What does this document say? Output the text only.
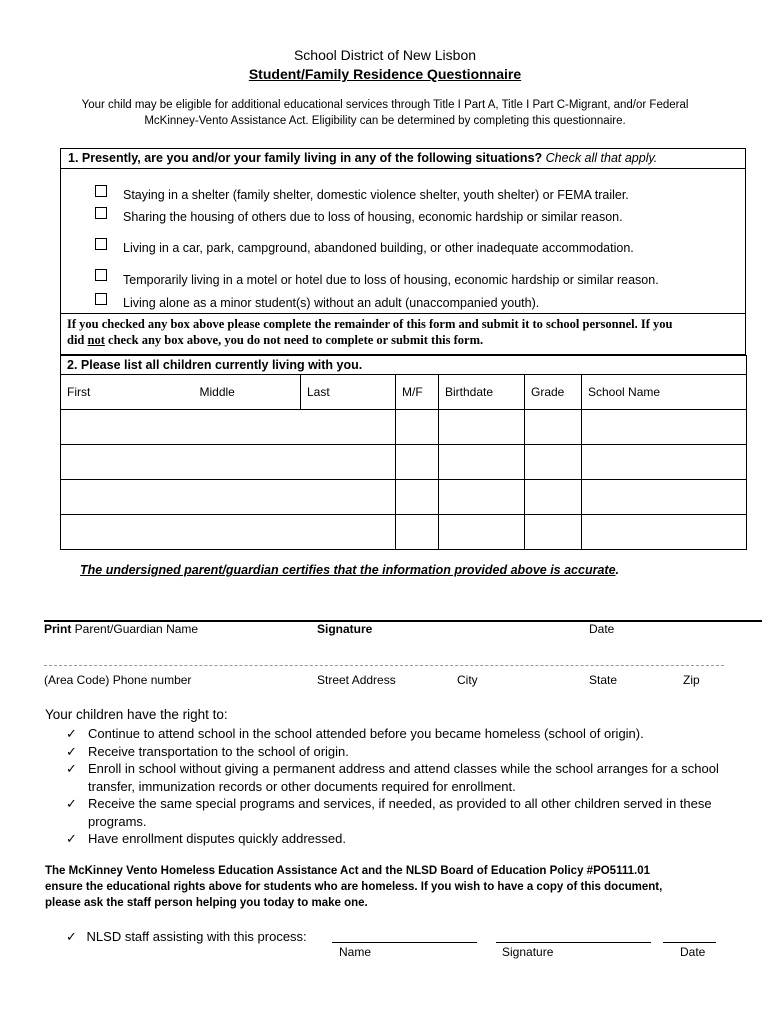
School District of New Lisbon
Student/Family Residence Questionnaire
Your child may be eligible for additional educational services through Title I Part A, Title I Part C-Migrant, and/or Federal
McKinney-Vento Assistance Act. Eligibility can be determined by completing this questionnaire.
1. Presently, are you and/or your family living in any of the following situations? Check all that apply.
Staying in a shelter (family shelter, domestic violence shelter, youth shelter) or FEMA trailer.
Sharing the housing of others due to loss of housing, economic hardship or similar reason.
Living in a car, park, campground, abandoned building, or other inadequate accommodation.
Temporarily living in a motel or hotel due to loss of housing, economic hardship or similar reason.
Living alone as a minor student(s) without an adult (unaccompanied youth).
If you checked any box above please complete the remainder of this form and submit it to school personnel. If you
did not check any box above, you do not need to complete or submit this form.
2. Please list all children currently living with you.						
First	Middle	Last	M/F	Birthdate	Grade	School Name

The undersigned parent/guardian certifies that the information provided above is accurate.
Print Parent/Guardian Name	Signature	Date
(Area Code) Phone number	Street Address	City	State	Zip
Your children have the right to:
✓ Continue to attend school in the school attended before you became homeless (school of origin).
✓ Receive transportation to the school of origin.
✓ Enroll in school without giving a permanent address and attend classes while the school arranges for a school transfer, immunization records or other documents required for enrollment.
✓ Receive the same special programs and services, if needed, as provided to all other children served in these programs.
✓ Have enrollment disputes quickly addressed.
The McKinney Vento Homeless Education Assistance Act and the NLSD Board of Education Policy #PO5111.01
ensure the educational rights above for students who are homeless. If you wish to have a copy of this document,
please ask the staff person helping you today to make one.
✓ NLSD staff assisting with this process:
Name	Signature	Date
